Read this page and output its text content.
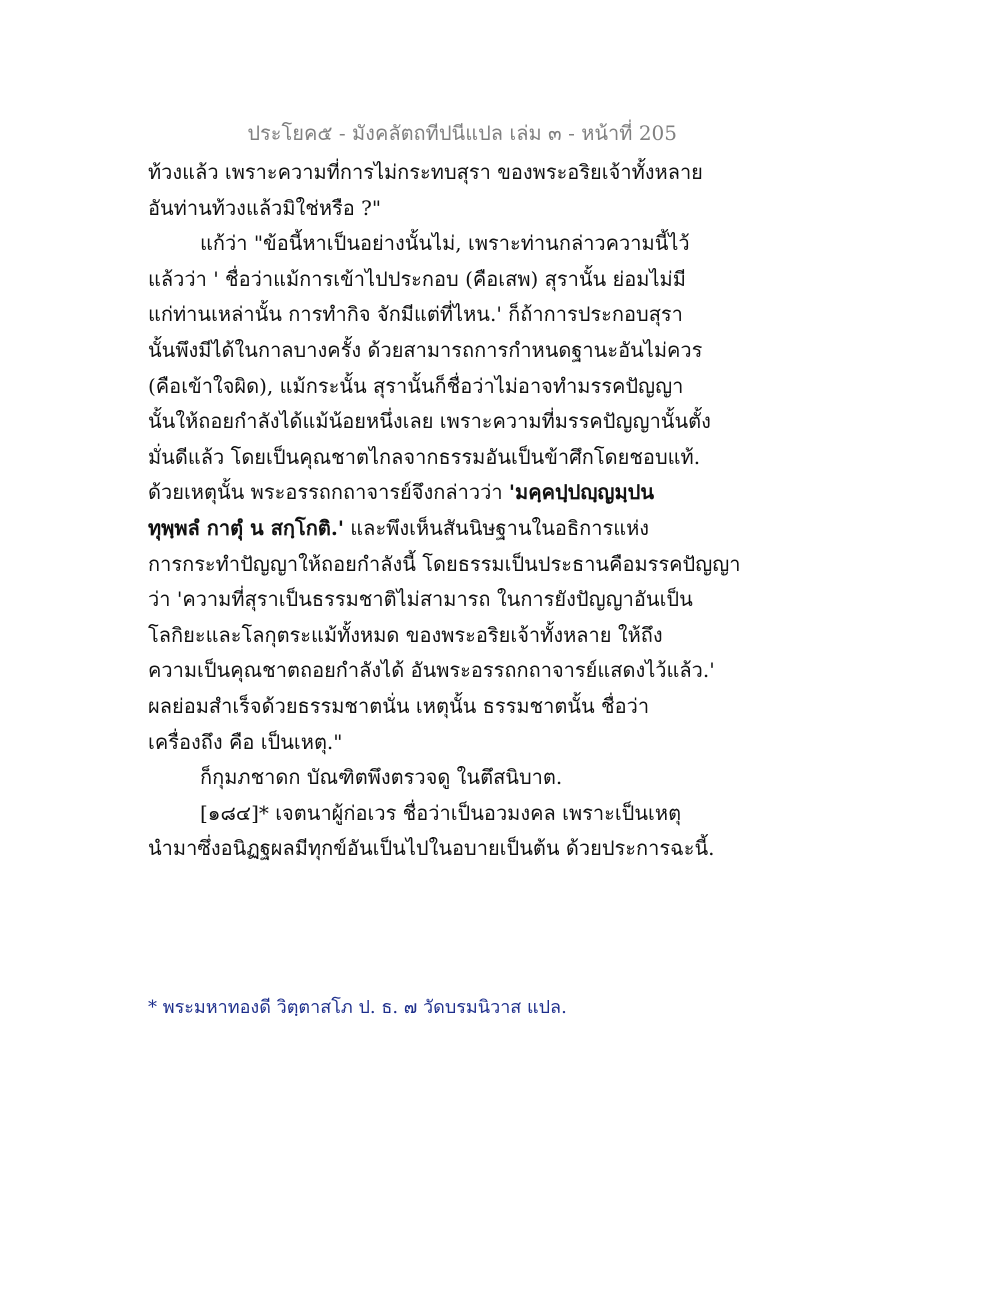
ประโยค๕ - มังคลัตถทีปนีแปล เล่ม ๓ - หน้าที่ 205
ท้วงแล้ว เพราะความที่การไม่กระทบสุรา ของพระอริยเจ้าทั้งหลาย
อันท่านท้วงแล้วมิใช่หรือ ?"
แก้ว่า "ข้อนี้หาเป็นอย่างนั้นไม่, เพราะท่านกล่าวความนี้ไว้
แล้วว่า ' ชื่อว่าแม้การเข้าไปประกอบ (คือเสพ) สุรานั้น ย่อมไม่มี
แก่ท่านเหล่านั้น การทำกิจ จักมีแต่ที่ไหน.' ก็ถ้าการประกอบสุรา
นั้นพึงมีได้ในกาลบางครั้ง ด้วยสามารถการกำหนดฐานะอันไม่ควร
(คือเข้าใจผิด), แม้กระนั้น สุรานั้นก็ชื่อว่าไม่อาจทำมรรคปัญญา
นั้นให้ถอยกำลังได้แม้น้อยหนึ่งเลย เพราะความที่มรรคปัญญานั้นตั้ง
มั่นดีแล้ว โดยเป็นคุณชาตไกลจากธรรมอันเป็นข้าศึกโดยชอบแท้.
ด้วยเหตุนั้น พระอรรถกถาจารย์จึงกล่าวว่า 'มคฺคปฺปญฺญมฺปน
ทุพฺพลํ กาตุํ น สกฺโกติ.' และพึงเห็นสันนิษฐานในอธิการแห่ง
การกระทำปัญญาให้ถอยกำลังนี้ โดยธรรมเป็นประธานคือมรรคปัญญา
ว่า 'ความที่สุราเป็นธรรมชาติไม่สามารถ ในการยังปัญญาอันเป็น
โลกิยะและโลกุตระแม้ทั้งหมด ของพระอริยเจ้าทั้งหลาย ให้ถึง
ความเป็นคุณชาตถอยกำลังได้ อันพระอรรถกถาจารย์แสดงไว้แล้ว.'
ผลย่อมสำเร็จด้วยธรรมชาตนั่น เหตุนั้น ธรรมชาตนั้น ชื่อว่า
เครื่องถึง คือ เป็นเหตุ."
ก็กุมภชาดก บัณฑิตพึงตรวจดู ในตึสนิบาต.
[๑๘๔]* เจตนาผู้ก่อเวร ชื่อว่าเป็นอวมงคล เพราะเป็นเหตุ
นำมาซึ่งอนิฏฐผลมีทุกข์อันเป็นไปในอบายเป็นต้น ด้วยประการฉะนี้.
* พระมหาทองดี วิตฺตาสโภ ป. ธ. ๗ วัดบรมนิวาส แปล.
